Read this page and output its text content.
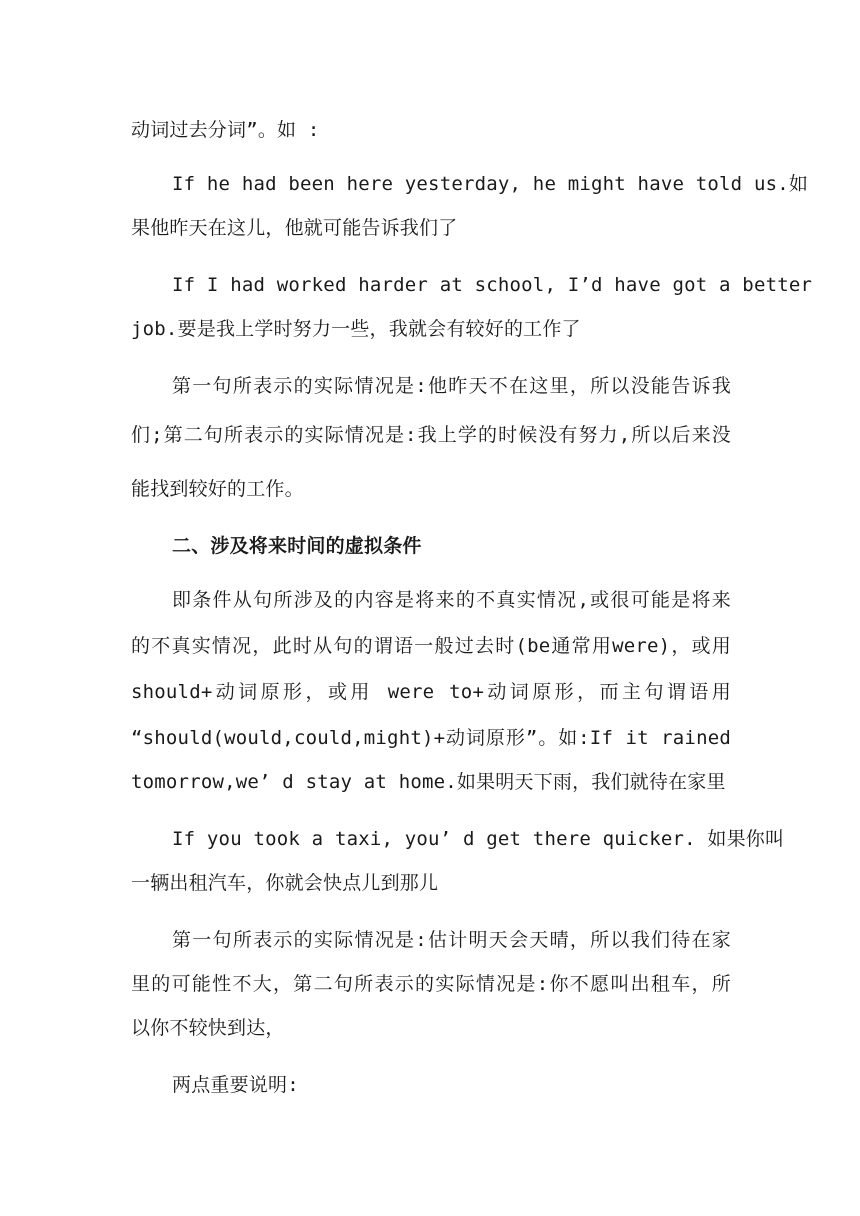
动词过去分词”。如 :
If he had been here yesterday, he might have told us.如
果他昨天在这儿，他就可能告诉我们了
If I had worked harder at school, I’d have got a better
job.要是我上学时努力一些，我就会有较好的工作了
第一句所表示的实际情况是:他昨天不在这里，所以没能告诉我
们;第二句所表示的实际情况是:我上学的时候没有努力,所以后来没
能找到较好的工作。
二、涉及将来时间的虚拟条件
即条件从句所涉及的内容是将来的不真实情况,或很可能是将来
的不真实情况，此时从句的谓语一般过去时(be通常用were)，或用
should+动词原形，或用 were to+动词原形，而主句谓语用
“should(would,could,might)+动词原形”。如:If it rained
tomorrow,we’ d stay at home.如果明天下雨，我们就待在家里
If you took a taxi, you’ d get there quicker. 如果你叫
一辆出租汽车，你就会快点儿到那儿
第一句所表示的实际情况是:估计明天会天晴，所以我们待在家
里的可能性不大，第二句所表示的实际情况是:你不愿叫出租车，所
以你不较快到达，
两点重要说明:
